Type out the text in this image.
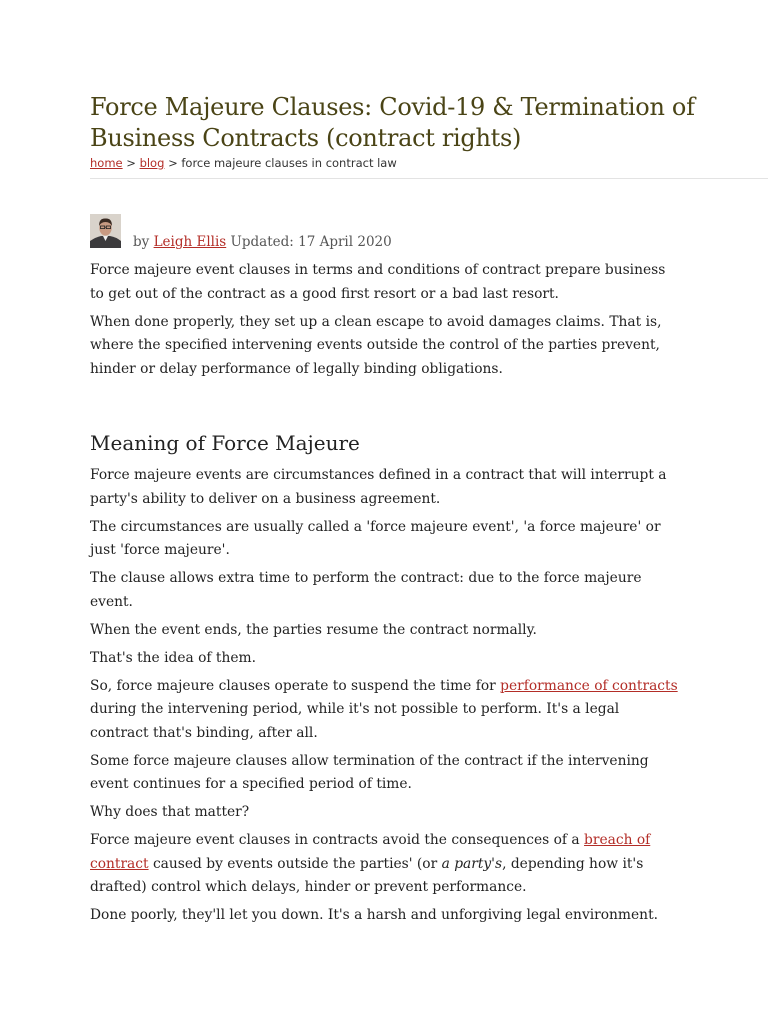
Force Majeure Clauses: Covid-19 & Termination of Business Contracts (contract rights)
home > blog > force majeure clauses in contract law
by Leigh Ellis Updated: 17 April 2020

Force majeure event clauses in terms and conditions of contract prepare business to get out of the contract as a good first resort or a bad last resort.

When done properly, they set up a clean escape to avoid damages claims. That is, where the specified intervening events outside the control of the parties prevent, hinder or delay performance of legally binding obligations.

Meaning of Force Majeure

Force majeure events are circumstances defined in a contract that will interrupt a party's ability to deliver on a business agreement.

The circumstances are usually called a 'force majeure event', 'a force majeure' or just 'force majeure'.

The clause allows extra time to perform the contract: due to the force majeure event.

When the event ends, the parties resume the contract normally.

That's the idea of them.

So, force majeure clauses operate to suspend the time for performance of contracts during the intervening period, while it's not possible to perform. It's a legal contract that's binding, after all.

Some force majeure clauses allow termination of the contract if the intervening event continues for a specified period of time.

Why does that matter?

Force majeure event clauses in contracts avoid the consequences of a breach of contract caused by events outside the parties' (or a party's, depending how it's drafted) control which delays, hinder or prevent performance.

Done poorly, they'll let you down. It's a harsh and unforgiving legal environment.
